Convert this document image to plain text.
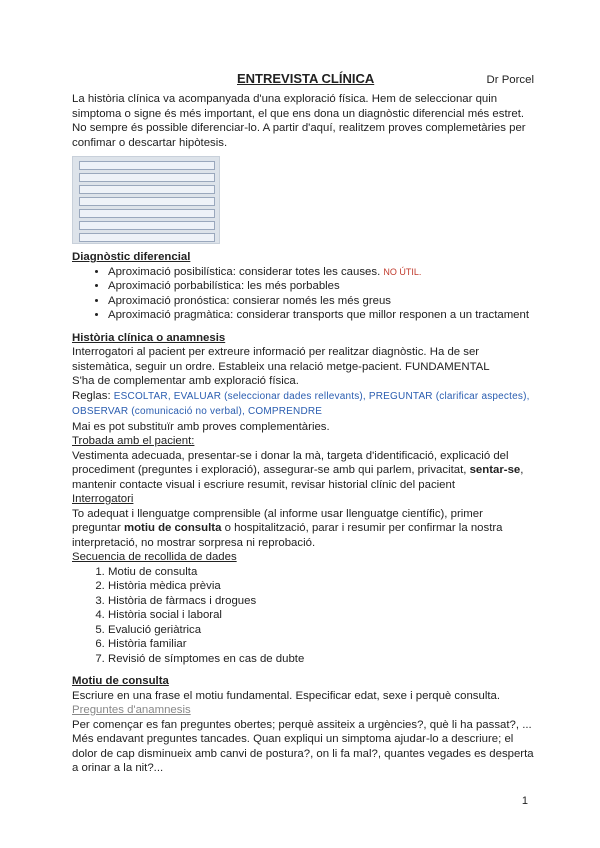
ENTREVISTA CLÍNICA	Dr Porcel

La història clínica va acompanyada d'una exploració física. Hem de seleccionar quin simptoma o signe és més important, el que ens dona un diagnòstic diferencial més estret. No sempre és possible diferenciar-lo. A partir d'aquí, realitzem proves complemetàries per confimar o descartar hipòtesis.

Diagnòstic diferencial

• Aproximació posibilística: considerar totes les causes. NO ÚTIL.
• Aproximació porbabilística: les més porbables
• Aproximació pronóstica: consierar només les més greus
• Aproximació pragmàtica: considerar transports que millor responen a un tractament

Història clínica o anamnesis

Interrogatori al pacient per extreure informació per realitzar diagnòstic. Ha de ser sistemàtica, seguir un ordre. Estableix una relació metge-pacient. FUNDAMENTAL

S'ha de complementar amb exploració física.

Reglas: ESCOLTAR, EVALUAR (seleccionar dades rellevants), PREGUNTAR (clarificar aspectes), OBSERVAR (comunicació no verbal), COMPRENDRE

Mai es pot substituïr amb proves complementàries.

Trobada amb el pacient:

Vestimenta adecuada, presentar-se i donar la mà, targeta d'identificació, explicació del procediment (preguntes i exploració), assegurar-se amb qui parlem, privacitat, sentar-se, mantenir contacte visual i escriure resumit, revisar historial clínic del pacient

Interrogatori

To adequat i llenguatge comprensible (al informe usar llenguatge científic), primer preguntar motiu de consulta o hospitalització, parar i resumir per confirmar la nostra interpretació, no mostrar sorpresa ni reprobació.

Secuencia de recollida de dades

1. Motiu de consulta
2. Història mèdica prèvia
3. Història de fàrmacs i drogues
4. Història social i laboral
5. Evalució geriàtrica
6. Història familiar
7. Revisió de símptomes en cas de dubte

Motiu de consulta

Escriure en una frase el motiu fundamental. Especificar edat, sexe i perquè consulta.

Preguntes d'anamnesis

Per començar es fan preguntes obertes; perquè assiteix a urgències?, què li ha passat?, ...

Més endavant preguntes tancades. Quan expliqui un simptoma ajudar-lo a descriure; el dolor de cap disminueix amb canvi de postura?, on li fa mal?, quantes vegades es desperta a orinar a la nit?...

1
